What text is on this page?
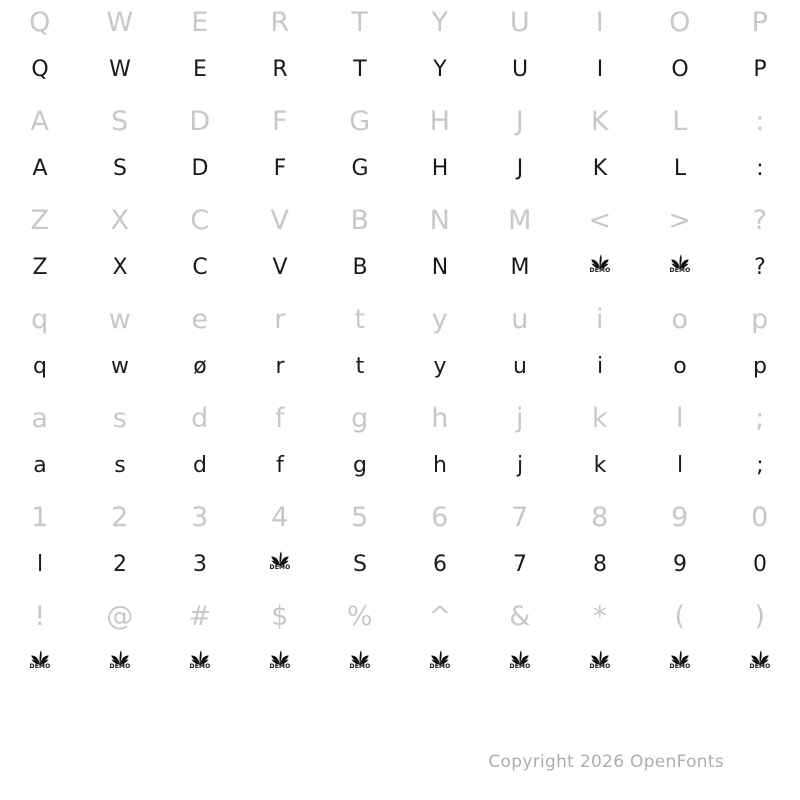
Q
Q
W
W
E
E
R
R
T
T
Y
Y
U
U
I
I
O
O
P
P
A
A
S
S
D
D
F
F
G
G
H
H
J
J
K
K
L
L
:
:
Z
Z
X
X
C
C
V
V
B
B
N
N
M
M
<
DEMO
>
DEMO
?
?
q
q
w
w
e
ø
r
r
t
t
y
y
u
u
i
i
o
o
p
p
a
a
s
s
d
d
f
f
g
g
h
h
j
j
k
k
l
l
;
;
1
l
2
2
3
3
4
DEMO
5
S
6
6
7
7
8
8
9
9
0
0
!
DEMO
@
DEMO
#
DEMO
$
DEMO
%
DEMO
^
DEMO
&
DEMO
*
DEMO
(
DEMO
)
DEMO
Copyright 2026 OpenFonts
